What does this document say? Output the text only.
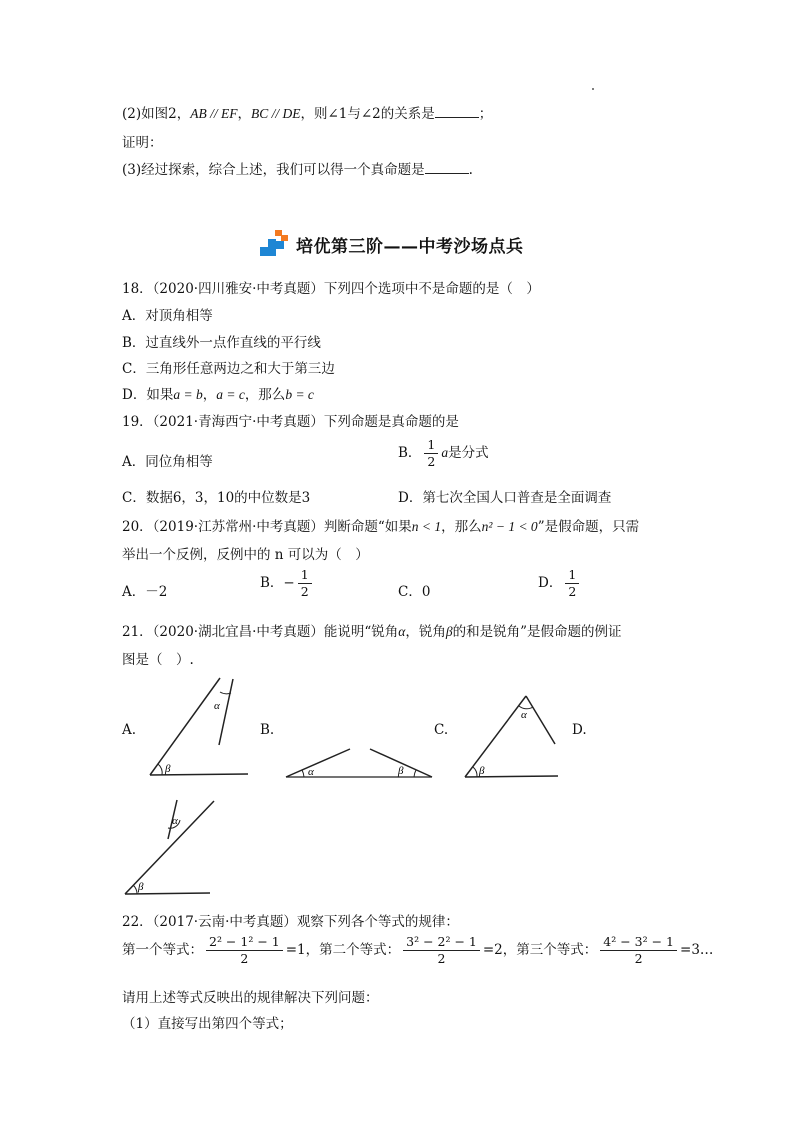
(2)如图2，AB // EF，BC // DE，则∠1与∠2的关系是	；
证明：
(3)经过探索，综合上述，我们可以得一个真命题是	.
培优第三阶——中考沙场点兵
18．（2020·四川雅安·中考真题）下列四个选项中不是命题的是（　）
A．对顶角相等
B．过直线外一点作直线的平行线
C．三角形任意两边之和大于第三边
D．如果a = b，a = c，那么b = c
19．（2021·青海西宁·中考真题）下列命题是真命题的是
A．同位角相等
B． $\frac{1}{2}$ a是分式
C．数据6，3，10的中位数是3	D．第七次全国人口普查是全面调查
20．（2019·江苏常州·中考真题）判断命题“如果n < 1，那么n² − 1 < 0”是假命题，只需
举出一个反例，反例中的 n 可以为（　）
A．－2
B．− $\frac{1}{2}$	C．0
D． $\frac{1}{2}$
21．（2020·湖北宜昌·中考真题）能说明“锐角α，锐角β的和是锐角”是假命题的例证
图是（　）.
A.	B.	C.	D.
β
α
α	β	β
α
β
α
22．（2017·云南·中考真题）观察下列各个等式的规律：
第一个等式： $\frac{\text{2² − 1² − 1}}{2} =1$，第二个等式： $\frac{\text{3² − 2² − 1}}{2} =2$，第三个等式： $\frac{\text{4² − 3² − 1}}{2}$ =3…
请用上述等式反映出的规律解决下列问题：
（1）直接写出第四个等式；
